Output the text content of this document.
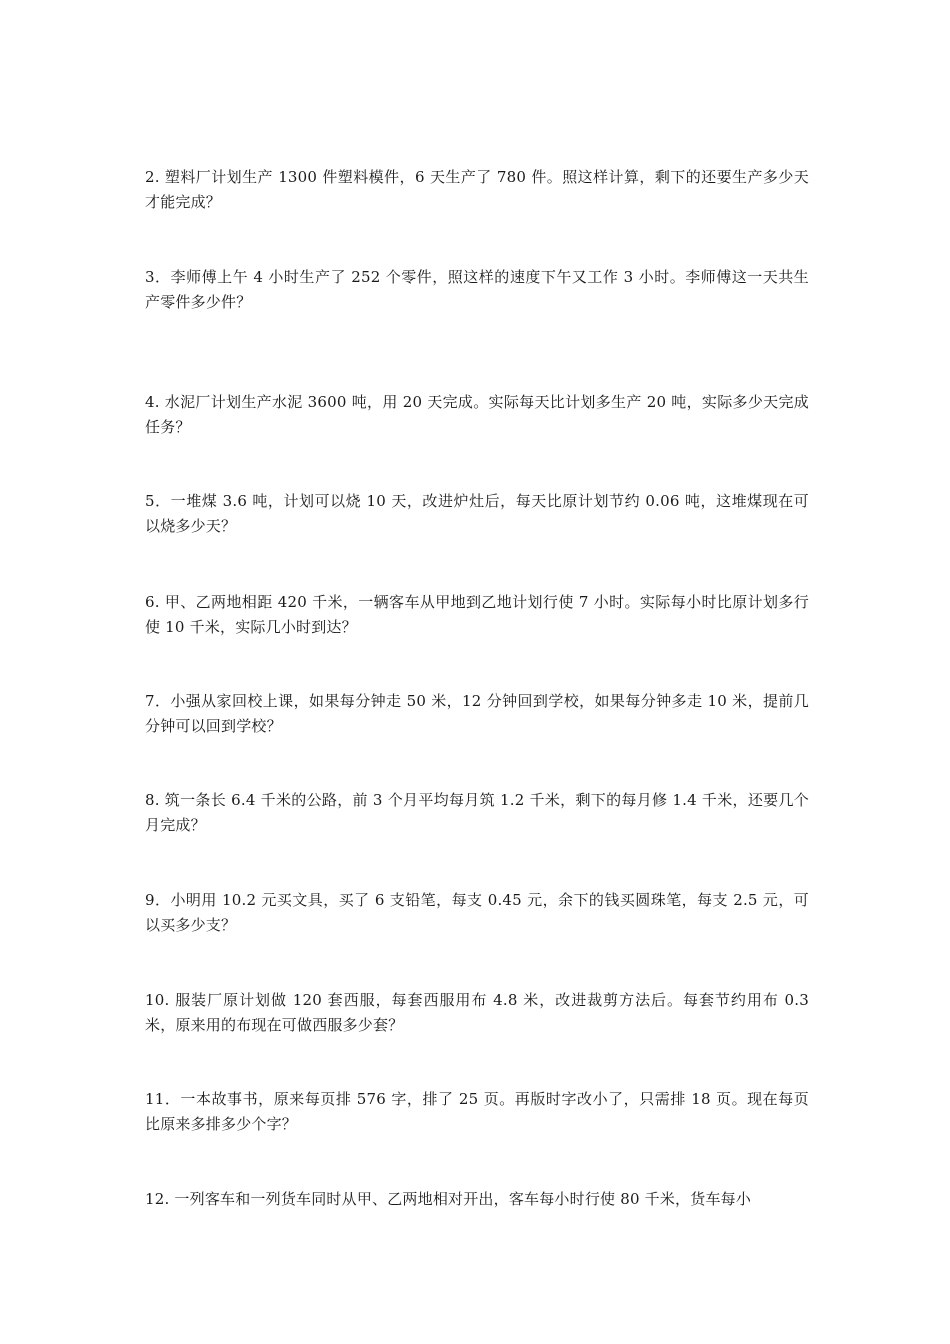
2. 塑料厂计划生产 1300 件塑料模件，6 天生产了 780 件。照这样计算，剩下的还要生产多少天才能完成？

3．李师傅上午 4 小时生产了 252 个零件，照这样的速度下午又工作 3 小时。李师傅这一天共生产零件多少件？

4. 水泥厂计划生产水泥 3600 吨，用 20 天完成。实际每天比计划多生产 20 吨，实际多少天完成任务？

5．一堆煤 3.6 吨，计划可以烧 10 天，改进炉灶后，每天比原计划节约 0.06 吨，这堆煤现在可以烧多少天？

6. 甲、乙两地相距 420 千米，一辆客车从甲地到乙地计划行使 7 小时。实际每小时比原计划多行使 10 千米，实际几小时到达？

7．小强从家回校上课，如果每分钟走 50 米，12 分钟回到学校，如果每分钟多走 10 米，提前几分钟可以回到学校？

8. 筑一条长 6.4 千米的公路，前 3 个月平均每月筑 1.2 千米，剩下的每月修 1.4 千米，还要几个月完成？

9．小明用 10.2 元买文具，买了 6 支铅笔，每支 0.45 元，余下的钱买圆珠笔，每支 2.5 元，可以买多少支？

10. 服装厂原计划做 120 套西服，每套西服用布 4.8 米，改进裁剪方法后。每套节约用布 0.3 米，原来用的布现在可做西服多少套？

11．一本故事书，原来每页排 576 字，排了 25 页。再版时字改小了，只需排 18 页。现在每页比原来多排多少个字？

12. 一列客车和一列货车同时从甲、乙两地相对开出，客车每小时行使 80 千米，货车每小
